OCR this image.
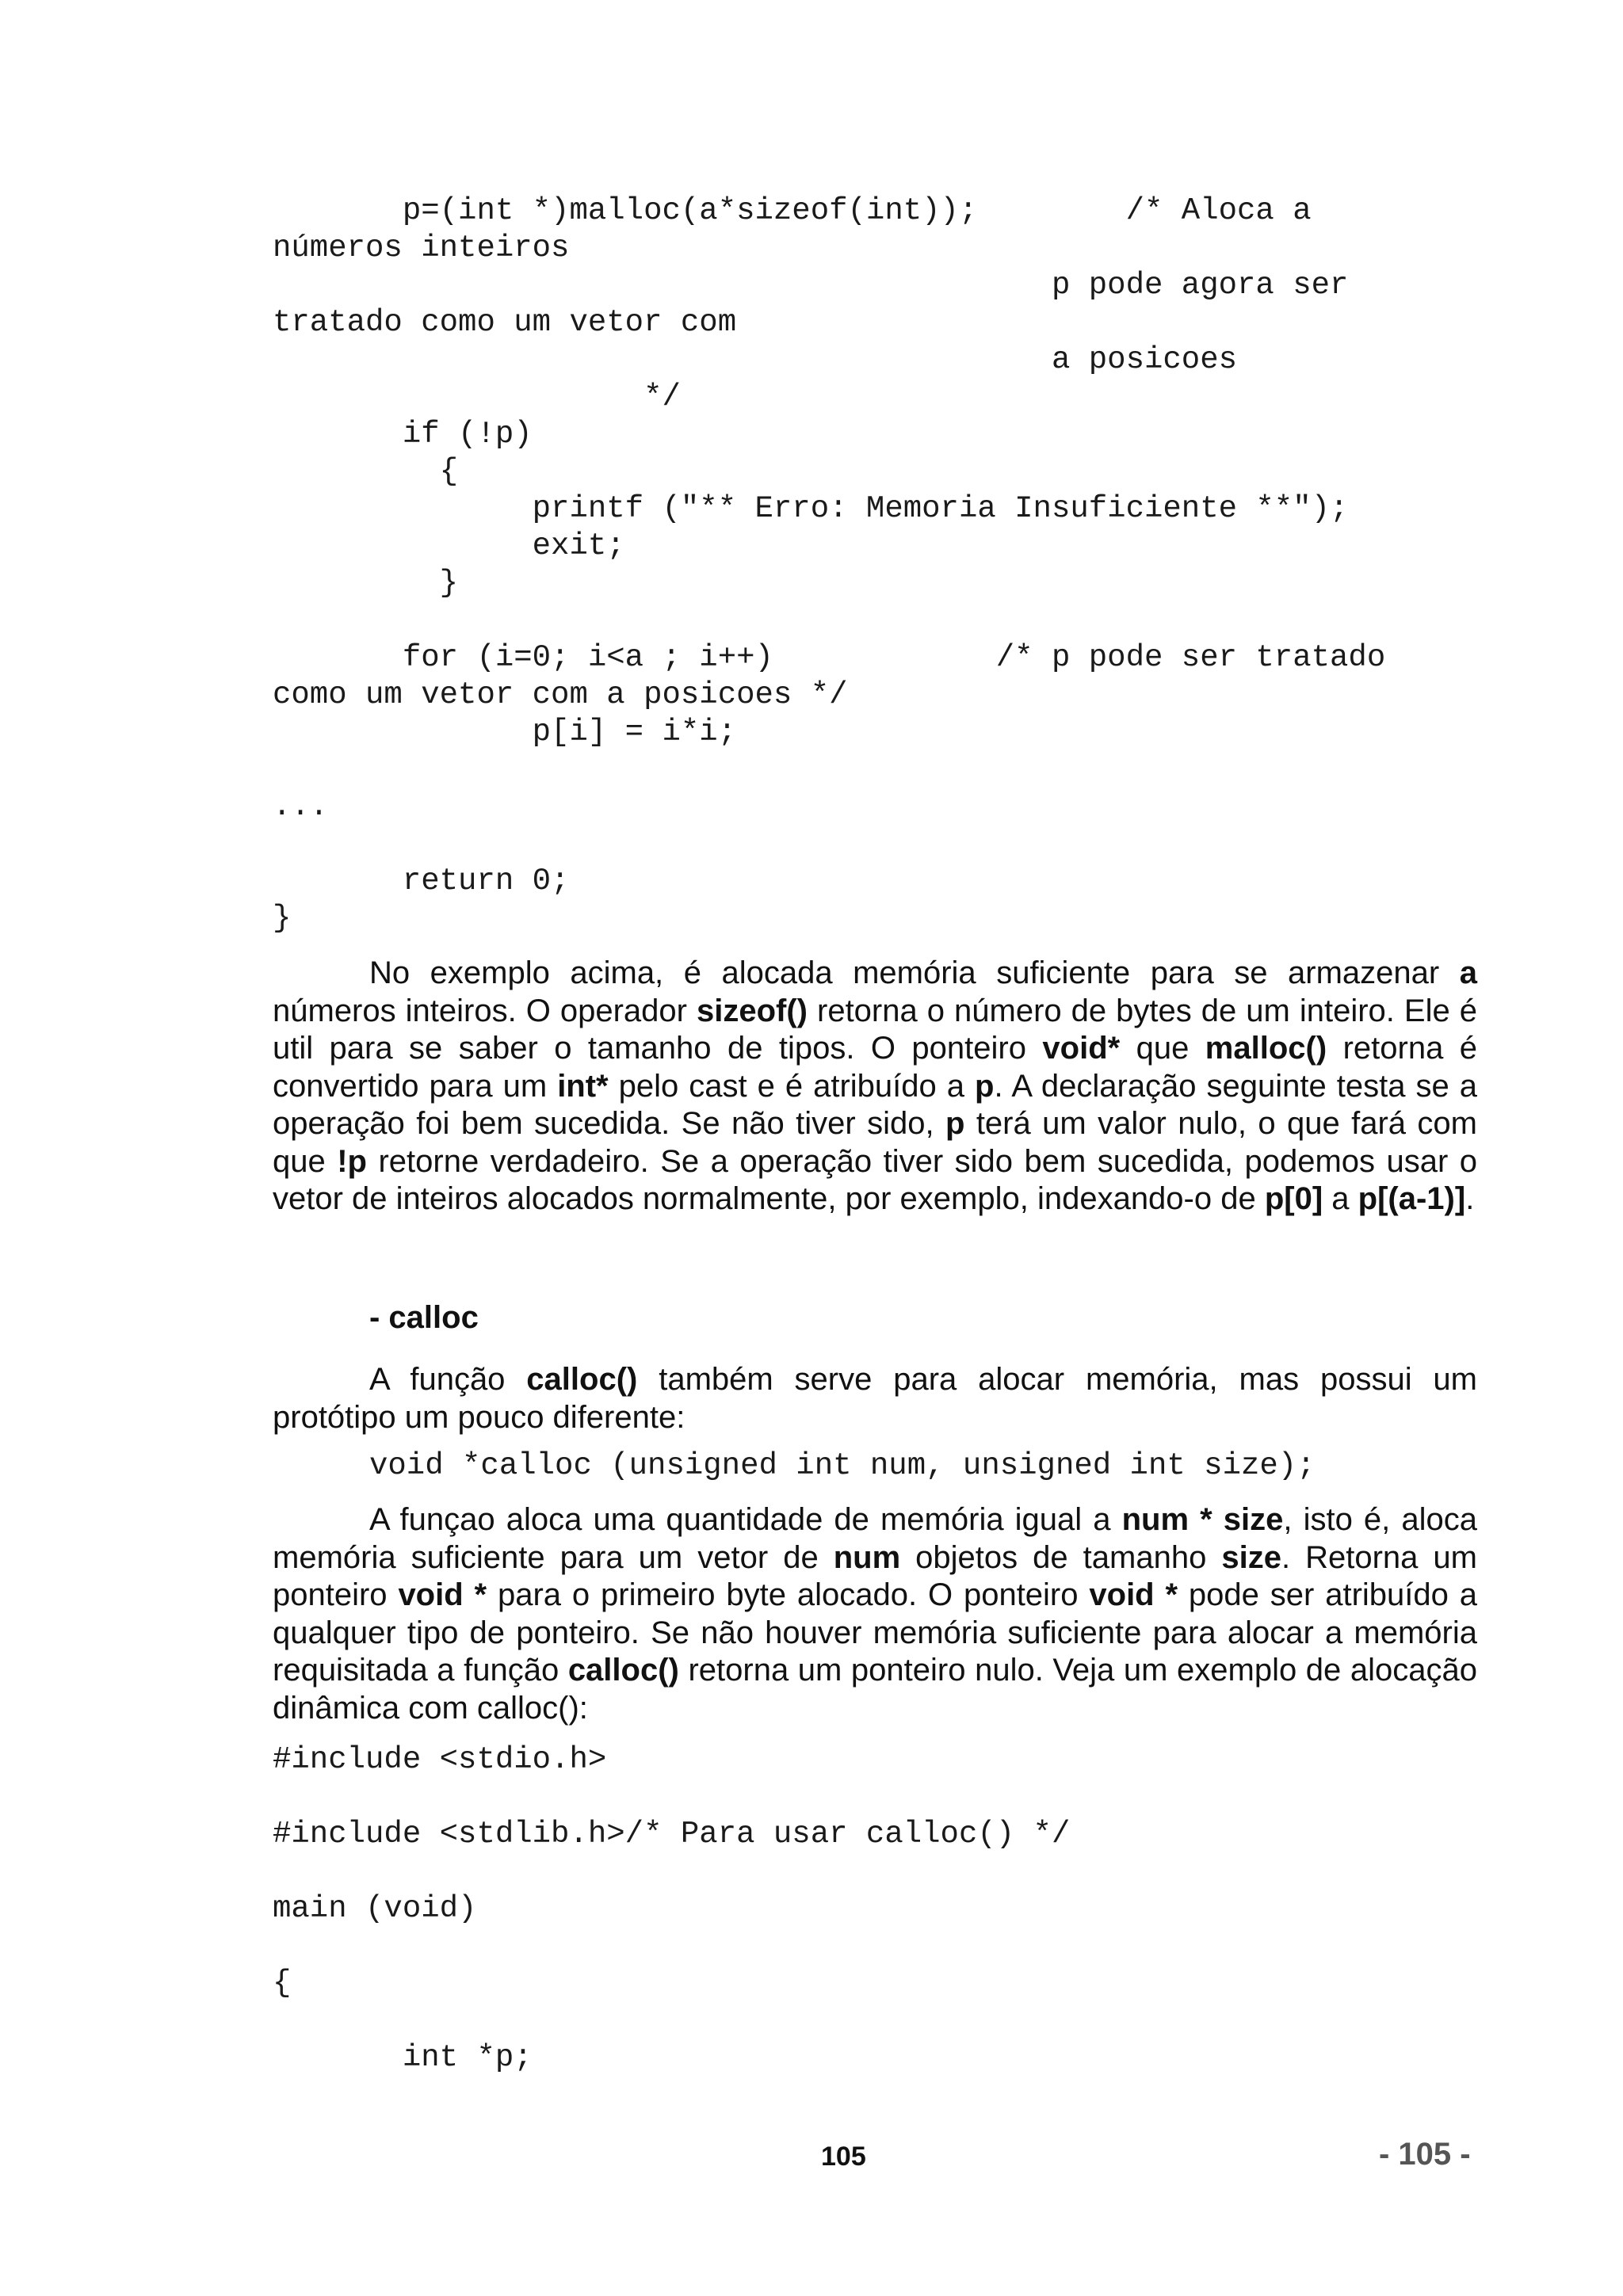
p=(int *)malloc(a*sizeof(int));        /* Aloca a
números inteiros
p pode agora ser
tratado como um vetor com
a posicoes
*/
if (!p)
{
printf ("** Erro: Memoria Insuficiente **");
exit;
}

for (i=0; i<a ; i++)            /* p pode ser tratado
como um vetor com a posicoes */
p[i] = i*i;

...

return 0;
}
No exemplo acima, é alocada memória suficiente para se armazenar a números inteiros. O operador sizeof() retorna o número de bytes de um inteiro. Ele é util para se saber o tamanho de tipos. O ponteiro void* que malloc() retorna é convertido para um int* pelo cast e é atribuído a p. A declaração seguinte testa se a operação foi bem sucedida. Se não tiver sido, p terá um valor nulo, o que fará com que !p retorne verdadeiro. Se a operação tiver sido bem sucedida, podemos usar o vetor de inteiros alocados normalmente, por exemplo, indexando-o de p[0] a p[(a-1)].
- calloc
A função calloc() também serve para alocar memória, mas possui um protótipo um pouco diferente:
void *calloc (unsigned int num, unsigned int size);
A funçao aloca uma quantidade de memória igual a num * size, isto é, aloca memória suficiente para um vetor de num objetos de tamanho size. Retorna um ponteiro void * para o primeiro byte alocado. O ponteiro void * pode ser atribuído a qualquer tipo de ponteiro. Se não houver memória suficiente para alocar a memória requisitada a função calloc() retorna um ponteiro nulo. Veja um exemplo de alocação dinâmica com calloc():
#include <stdio.h>

#include <stdlib.h>/* Para usar calloc() */

main (void)

{

int *p;
105	- 105 -
